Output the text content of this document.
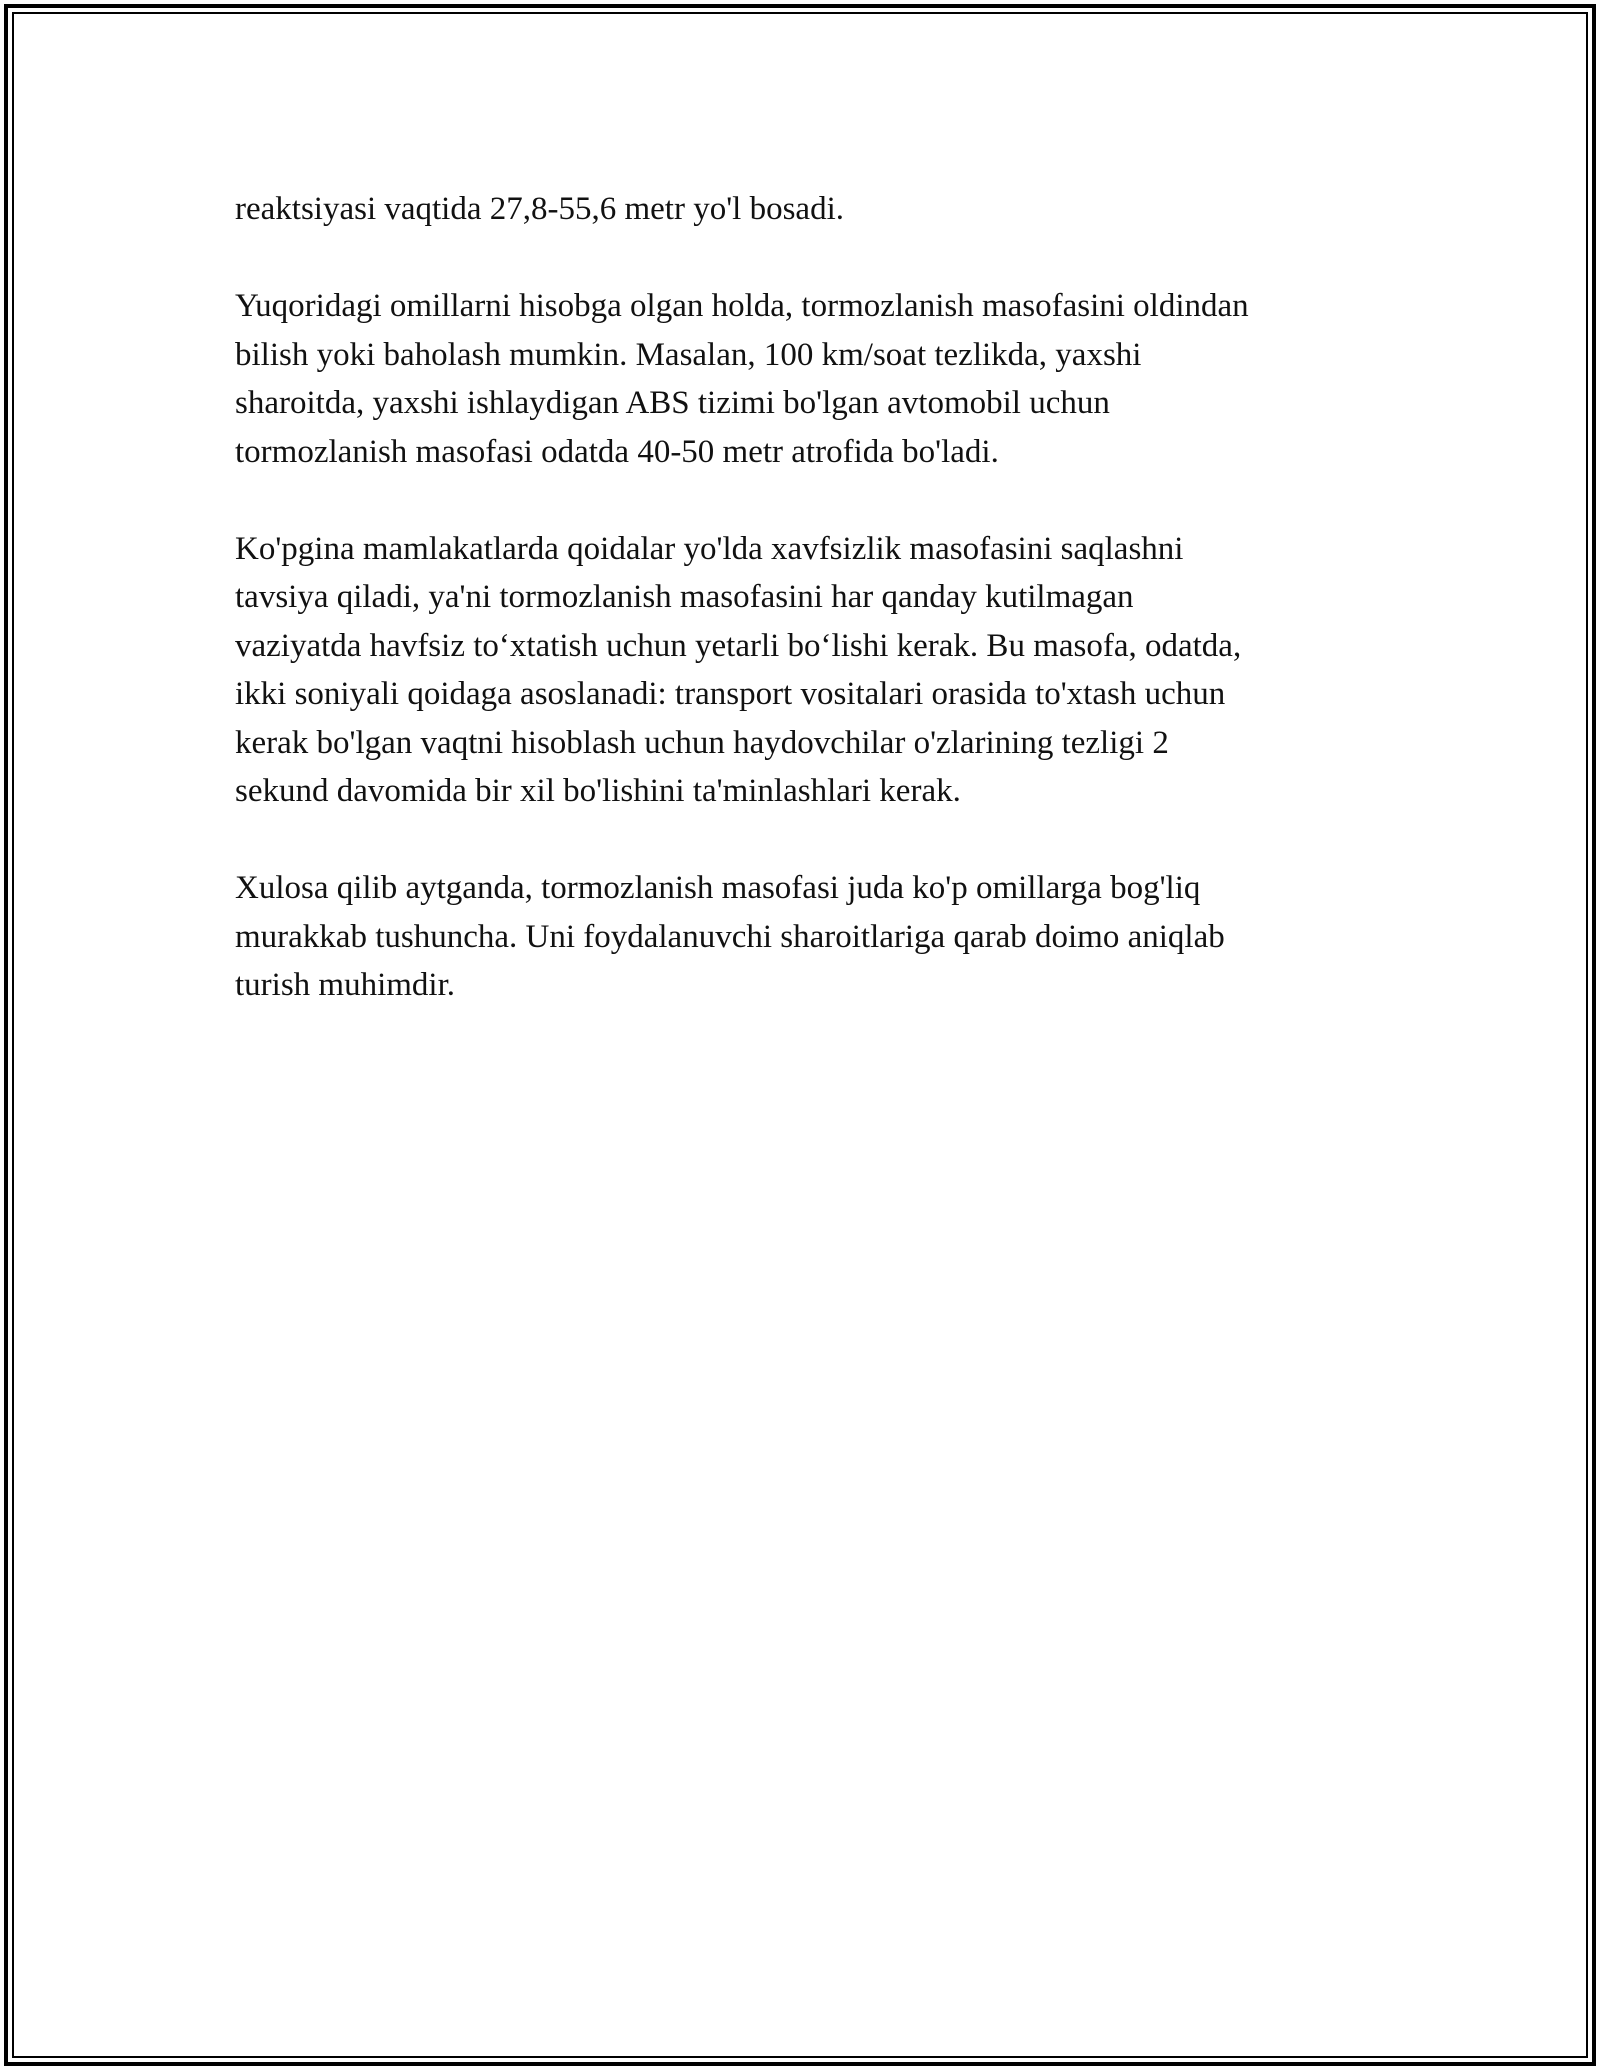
reaktsiyasi vaqtida 27,8-55,6 metr yo'l bosadi.

Yuqoridagi omillarni hisobga olgan holda, tormozlanish masofasini oldindan
bilish yoki baholash mumkin. Masalan, 100 km/soat tezlikda, yaxshi
sharoitda, yaxshi ishlaydigan ABS tizimi bo'lgan avtomobil uchun
tormozlanish masofasi odatda 40-50 metr atrofida bo'ladi.

Ko'pgina mamlakatlarda qoidalar yo'lda xavfsizlik masofasini saqlashni
tavsiya qiladi, ya'ni tormozlanish masofasini har qanday kutilmagan
vaziyatda havfsiz to‘xtatish uchun yetarli bo‘lishi kerak. Bu masofa, odatda,
ikki soniyali qoidaga asoslanadi: transport vositalari orasida to'xtash uchun
kerak bo'lgan vaqtni hisoblash uchun haydovchilar o'zlarining tezligi 2
sekund davomida bir xil bo'lishini ta'minlashlari kerak.

Xulosa qilib aytganda, tormozlanish masofasi juda ko'p omillarga bog'liq
murakkab tushuncha. Uni foydalanuvchi sharoitlariga qarab doimo aniqlab
turish muhimdir.
